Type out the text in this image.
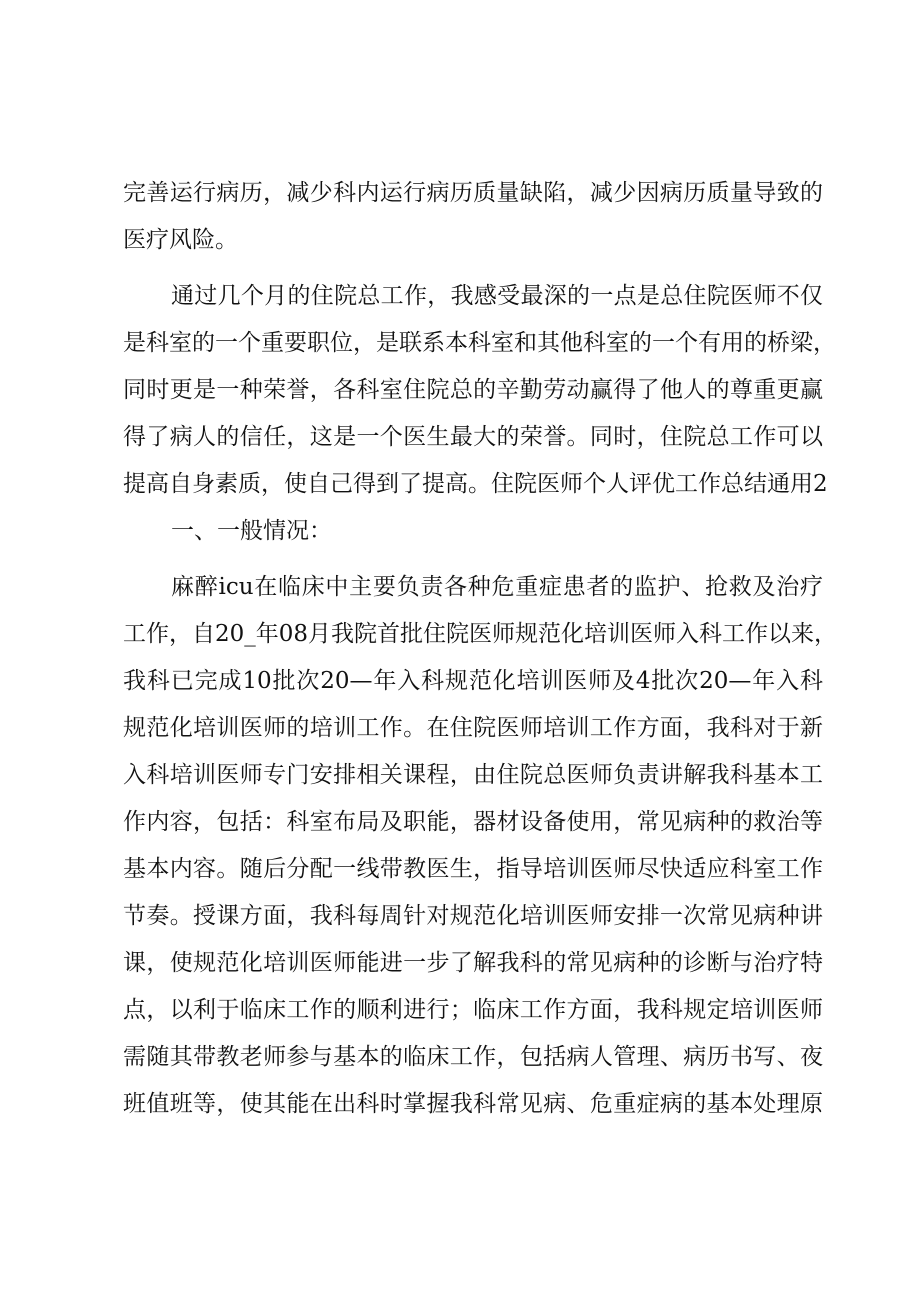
完善运行病历，减少科内运行病历质量缺陷，减少因病历质量导致的
医疗风险。
通过几个月的住院总工作，我感受最深的一点是总住院医师不仅
是科室的一个重要职位，是联系本科室和其他科室的一个有用的桥梁，
同时更是一种荣誉，各科室住院总的辛勤劳动赢得了他人的尊重更赢
得了病人的信任，这是一个医生最大的荣誉。同时，住院总工作可以
提高自身素质，使自己得到了提高。住院医师个人评优工作总结通用2
一、一般情况：
麻醉icu在临床中主要负责各种危重症患者的监护、抢救及治疗
工作，自20_年08月我院首批住院医师规范化培训医师入科工作以来，
我科已完成10批次20—年入科规范化培训医师及4批次20—年入科
规范化培训医师的培训工作。在住院医师培训工作方面，我科对于新
入科培训医师专门安排相关课程，由住院总医师负责讲解我科基本工
作内容，包括：科室布局及职能，器材设备使用，常见病种的救治等
基本内容。随后分配一线带教医生，指导培训医师尽快适应科室工作
节奏。授课方面，我科每周针对规范化培训医师安排一次常见病种讲
课，使规范化培训医师能进一步了解我科的常见病种的诊断与治疗特
点，以利于临床工作的顺利进行；临床工作方面，我科规定培训医师
需随其带教老师参与基本的临床工作，包括病人管理、病历书写、夜
班值班等，使其能在出科时掌握我科常见病、危重症病的基本处理原
